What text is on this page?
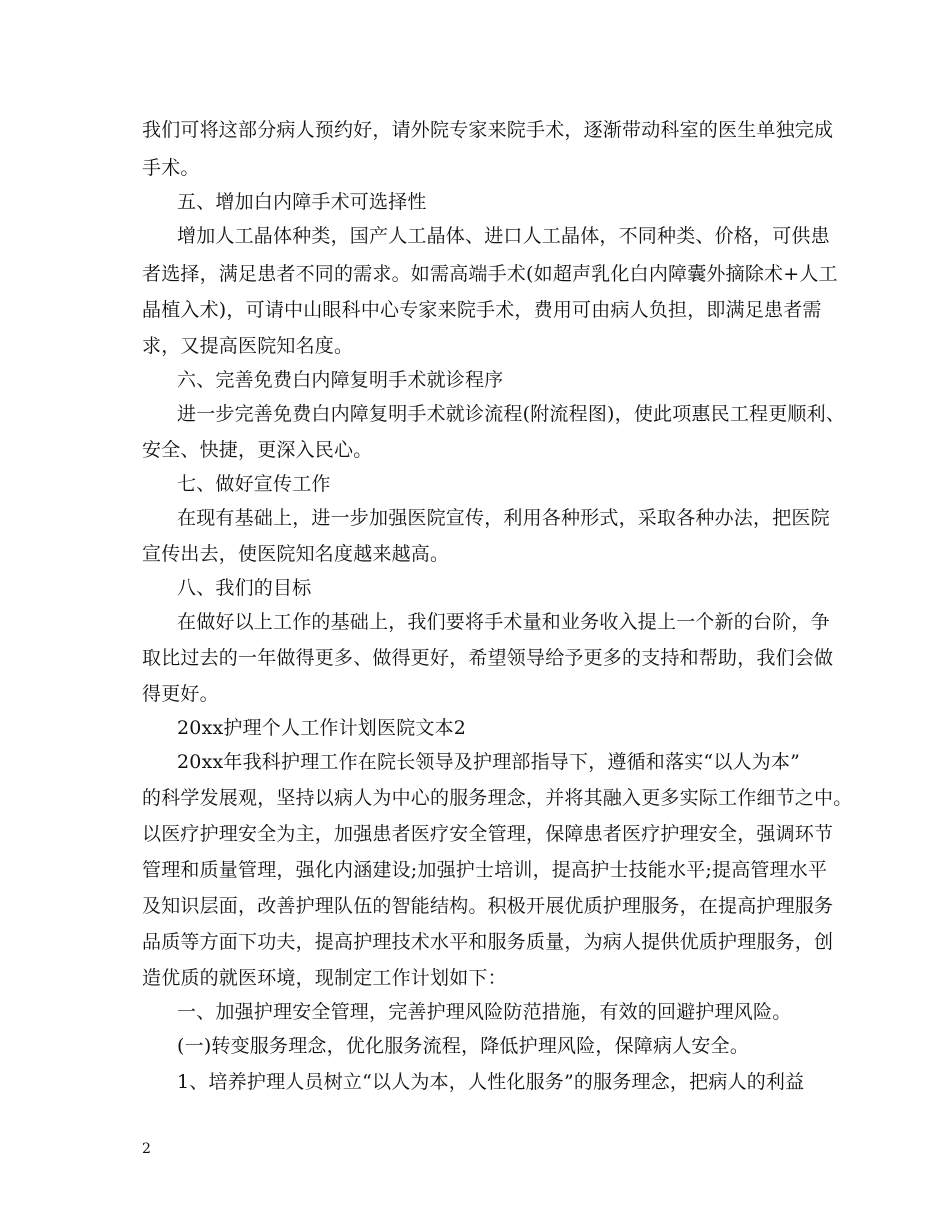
我们可将这部分病人预约好，请外院专家来院手术，逐渐带动科室的医生单独完成
手术。
五、增加白内障手术可选择性
增加人工晶体种类，国产人工晶体、进口人工晶体，不同种类、价格，可供患
者选择，满足患者不同的需求。如需高端手术(如超声乳化白内障囊外摘除术+人工
晶植入术)，可请中山眼科中心专家来院手术，费用可由病人负担，即满足患者需
求，又提高医院知名度。
六、完善免费白内障复明手术就诊程序
进一步完善免费白内障复明手术就诊流程(附流程图)，使此项惠民工程更顺利、
安全、快捷，更深入民心。
七、做好宣传工作
在现有基础上，进一步加强医院宣传，利用各种形式，采取各种办法，把医院
宣传出去，使医院知名度越来越高。
八、我们的目标
在做好以上工作的基础上，我们要将手术量和业务收入提上一个新的台阶，争
取比过去的一年做得更多、做得更好，希望领导给予更多的支持和帮助，我们会做
得更好。
20xx护理个人工作计划医院文本2
20xx年我科护理工作在院长领导及护理部指导下，遵循和落实“以人为本”
的科学发展观，坚持以病人为中心的服务理念，并将其融入更多实际工作细节之中。
以医疗护理安全为主，加强患者医疗安全管理，保障患者医疗护理安全，强调环节
管理和质量管理，强化内涵建设;加强护士培训，提高护士技能水平;提高管理水平
及知识层面，改善护理队伍的智能结构。积极开展优质护理服务，在提高护理服务
品质等方面下功夫，提高护理技术水平和服务质量，为病人提供优质护理服务，创
造优质的就医环境，现制定工作计划如下：
一、加强护理安全管理，完善护理风险防范措施，有效的回避护理风险。
(一)转变服务理念，优化服务流程，降低护理风险，保障病人安全。
1、培养护理人员树立“以人为本，人性化服务”的服务理念，把病人的利益
2
